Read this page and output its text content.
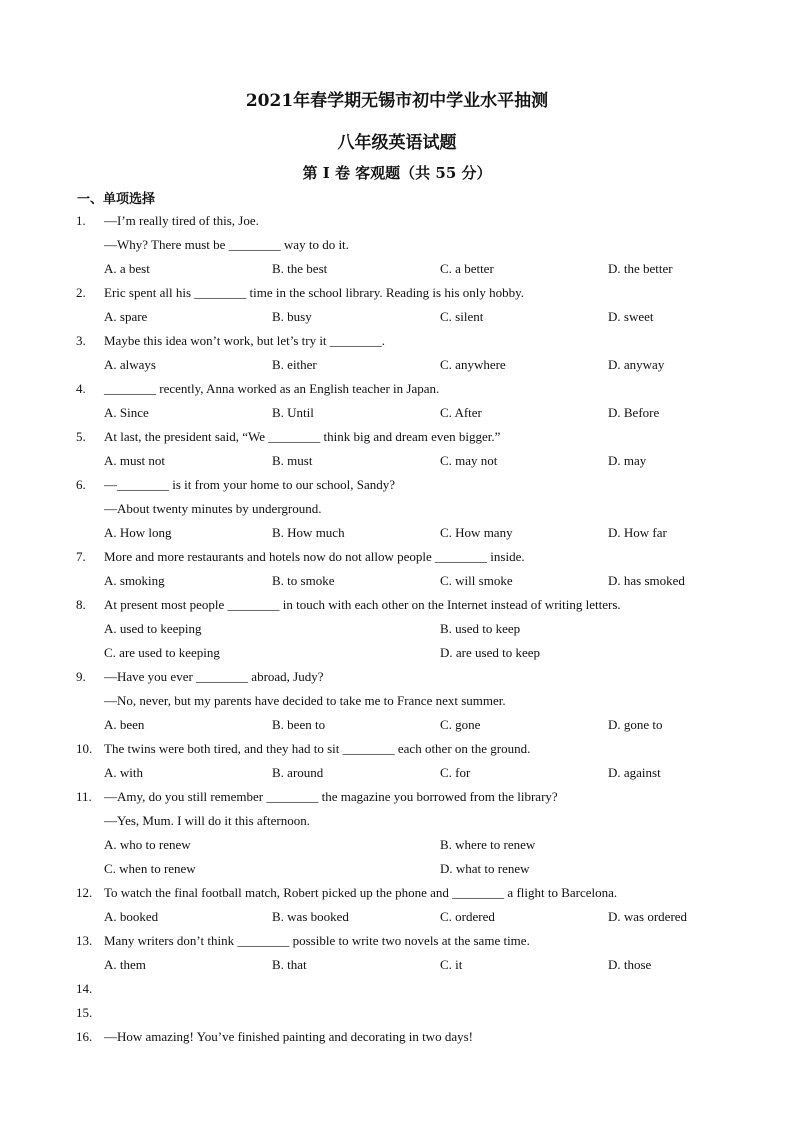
2021年春学期无锡市初中学业水平抽测
八年级英语试题
第 I 卷 客观题（共 55 分）
一、单项选择
1. —I’m really tired of this, Joe.
—Why? There must be ________ way to do it.
A. a best	B. the best	C. a better	D. the better
2. Eric spent all his ________ time in the school library. Reading is his only hobby.
A. spare	B. busy	C. silent	D. sweet
3. Maybe this idea won’t work, but let’s try it ________.
A. always	B. either	C. anywhere	D. anyway
4. ________ recently, Anna worked as an English teacher in Japan.
A. Since	B. Until	C. After	D. Before
5. At last, the president said, “We ________ think big and dream even bigger.”
A. must not	B. must	C. may not	D. may
6. —________ is it from your home to our school, Sandy?
—About twenty minutes by underground.
A. How long	B. How much	C. How many	D. How far
7. More and more restaurants and hotels now do not allow people ________ inside.
A. smoking	B. to smoke	C. will smoke	D. has smoked
8. At present most people ________ in touch with each other on the Internet instead of writing letters.
A. used to keeping	B. used to keep
C. are used to keeping	D. are used to keep
9. —Have you ever ________ abroad, Judy?
—No, never, but my parents have decided to take me to France next summer.
A. been	B. been to	C. gone	D. gone to
10. The twins were both tired, and they had to sit ________ each other on the ground.
A. with	B. around	C. for	D. against
11. —Amy, do you still remember ________ the magazine you borrowed from the library?
—Yes, Mum. I will do it this afternoon.
A. who to renew	B. where to renew
C. when to renew	D. what to renew
12. To watch the final football match, Robert picked up the phone and ________ a flight to Barcelona.
A. booked	B. was booked	C. ordered	D. was ordered
13. Many writers don’t think ________ possible to write two novels at the same time.
A. them	B. that	C. it	D. those
14.
15.
16. —How amazing! You’ve finished painting and decorating in two days!
